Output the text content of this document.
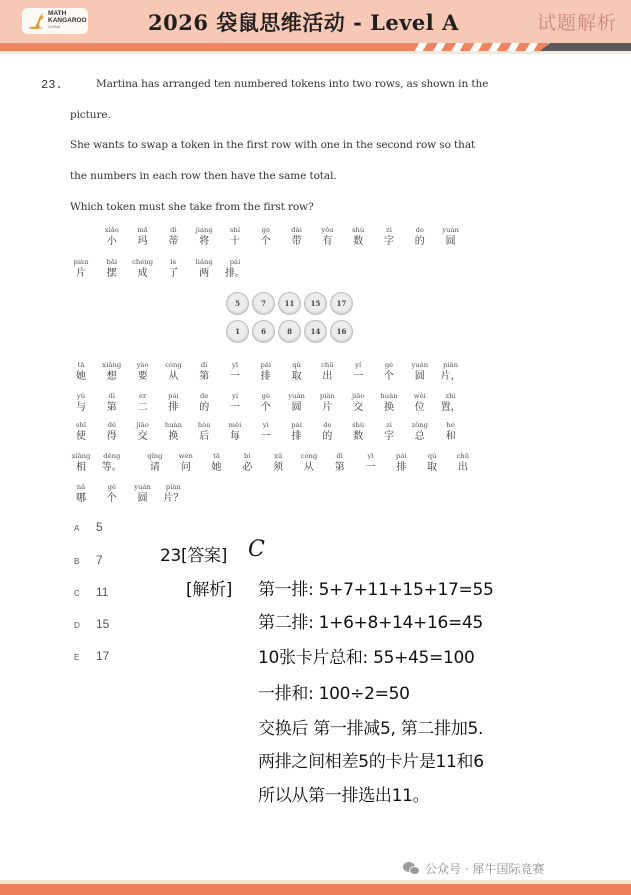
MATH
KANGAROO
CHINA	2026 袋鼠思维活动 - Level A	试题解析
23.	Martina has arranged ten numbered tokens into two rows, as shown in the
picture.
She wants to swap a token in the first row with one in the second row so that
the numbers in each row then have the same total.
Which token must she take from the first row?
xiǎo
小
mǎ
玛
dì
蒂
jiang
将
shí
十
gè
个
dài
带
yǒu
有
shù
数
zì
字
de
的
yuán
圆
piàn
片
bǎi
摆
chéng
成
le
了
liǎng
两
pái
排。
tā
她
xiǎng
想
yào
要
cóng
从
dì
第
yī
一
pái
排
qǔ
取
chū
出
yí
一
gè
个
yuán
圆
piàn
片，
yǔ
与
dì
第
èr
二
pái
排
de
的
yí
一
gè
个
yuán
圆
piàn
片
jiāo
交
huàn
换
wèi
位
zhì
置，
shǐ
使
dé
得
jiāo
交
huàn
换
hòu
后
měi
每
yì
一
pái
排
de
的
shù
数
zì
字
zǒng
总
hé
和
xiāng
相
děng
等。
qǐng
请
wèn
问
tā
她
bì
必
xū
须
cóng
从
dì
第
yī
一
pái
排
qǔ
取
chū
出
nǎ
哪
gè
个
yuán
圆
piàn
片？
5	7	11	15	17
1	6	8	14	16
A 5
B 7
C 11
D 15
E 17
23[答案] C
[解析] 第一排: 5+7+11+15+17=55
第二排: 1+6+8+14+16=45
10张卡片总和: 55+45=100
一排和: 100÷2=50
交换后 第一排减5, 第二排加5.
两排之间相差5的卡片是11和6
所以从第一排选出11。
公众号 · 犀牛国际竞赛
